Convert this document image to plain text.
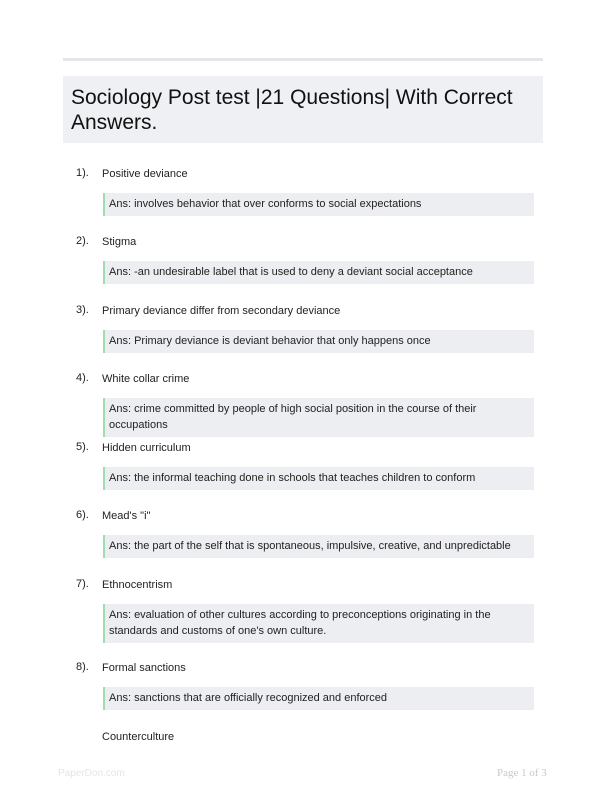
Sociology Post test |21 Questions| With Correct Answers.
1). Positive deviance
Ans: involves behavior that over conforms to social expectations
2). Stigma
Ans: -an undesirable label that is used to deny a deviant social acceptance
3). Primary deviance differ from secondary deviance
Ans: Primary deviance is deviant behavior that only happens once
4). White collar crime
Ans: crime committed by people of high social position in the course of their occupations
5). Hidden curriculum
Ans: the informal teaching done in schools that teaches children to conform
6). Mead's "i"
Ans: the part of the self that is spontaneous, impulsive, creative, and unpredictable
7). Ethnocentrism
Ans: evaluation of other cultures according to preconceptions originating in the standards and customs of one's own culture.
8). Formal sanctions
Ans: sanctions that are officially recognized and enforced
Counterculture
PaperDon.com	Page 1 of 3
